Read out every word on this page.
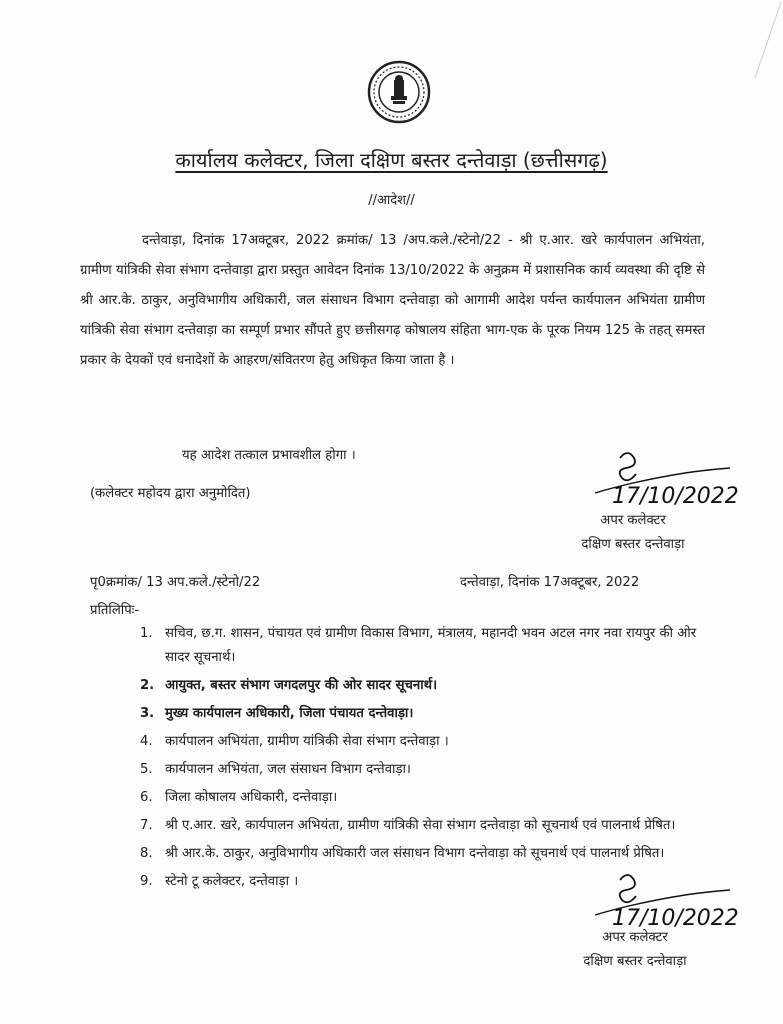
कार्यालय कलेक्टर, जिला दक्षिण बस्तर दन्तेवाड़ा (छत्तीसगढ़)
//आदेश//
दन्तेवाड़ा, दिनांक 17अक्टूबर, 2022 क्रमांक/ 13 /अप.कले./स्टेनो/22 - श्री ए.आर. खरे कार्यपालन अभियंता, ग्रामीण यांत्रिकी सेवा संभाग दन्तेवाड़ा द्वारा प्रस्तुत आवेदन दिनांक 13/10/2022 के अनुक्रम में प्रशासनिक कार्य व्यवस्था की दृष्टि से श्री आर.के. ठाकुर, अनुविभागीय अधिकारी, जल संसाधन विभाग दन्तेवाड़ा को आगामी आदेश पर्यन्त कार्यपालन अभियंता ग्रामीण यांत्रिकी सेवा संभाग दन्तेवाड़ा का सम्पूर्ण प्रभार सौंपते हुए छत्तीसगढ़ कोषालय संहिता भाग-एक के पूरक नियम 125 के तहत् समस्त प्रकार के देयकों एवं धनादेशों के आहरण/संवितरण हेतु अधिकृत किया जाता है ।
यह आदेश तत्काल प्रभावशील होगा ।
(कलेक्टर महोदय द्वारा अनुमोदित)	17/10/2022
अपर कलेक्टर
दक्षिण बस्तर दन्तेवाड़ा
पृ0क्रमांक/ 13 अप.कले./स्टेनो/22	दन्तेवाड़ा, दिनांक 17अक्टूबर, 2022
प्रतिलिपिः-
1. सचिव, छ.ग. शासन, पंचायत एवं ग्रामीण विकास विभाग, मंत्रालय, महानदी भवन अटल नगर नवा रायपुर की ओर सादर सूचनार्थ।
2. आयुक्त, बस्तर संभाग जगदलपुर की ओर सादर सूचनार्थ।
3. मुख्य कार्यपालन अधिकारी, जिला पंचायत दन्तेवाड़ा।
4. कार्यपालन अभियंता, ग्रामीण यांत्रिकी सेवा संभाग दन्तेवाड़ा ।
5. कार्यपालन अभियंता, जल संसाधन विभाग दन्तेवाड़ा।
6. जिला कोषालय अधिकारी, दन्तेवाड़ा।
7. श्री ए.आर. खरे, कार्यपालन अभियंता, ग्रामीण यांत्रिकी सेवा संभाग दन्तेवाड़ा को सूचनार्थ एवं पालनार्थ प्रेषित।
8. श्री आर.के. ठाकुर, अनुविभागीय अधिकारी जल संसाधन विभाग दन्तेवाड़ा को सूचनार्थ एवं पालनार्थ प्रेषित।
9. स्टेनो टू कलेक्टर, दन्तेवाड़ा ।
17/10/2022
अपर कलेक्टर
दक्षिण बस्तर दन्तेवाड़ा
